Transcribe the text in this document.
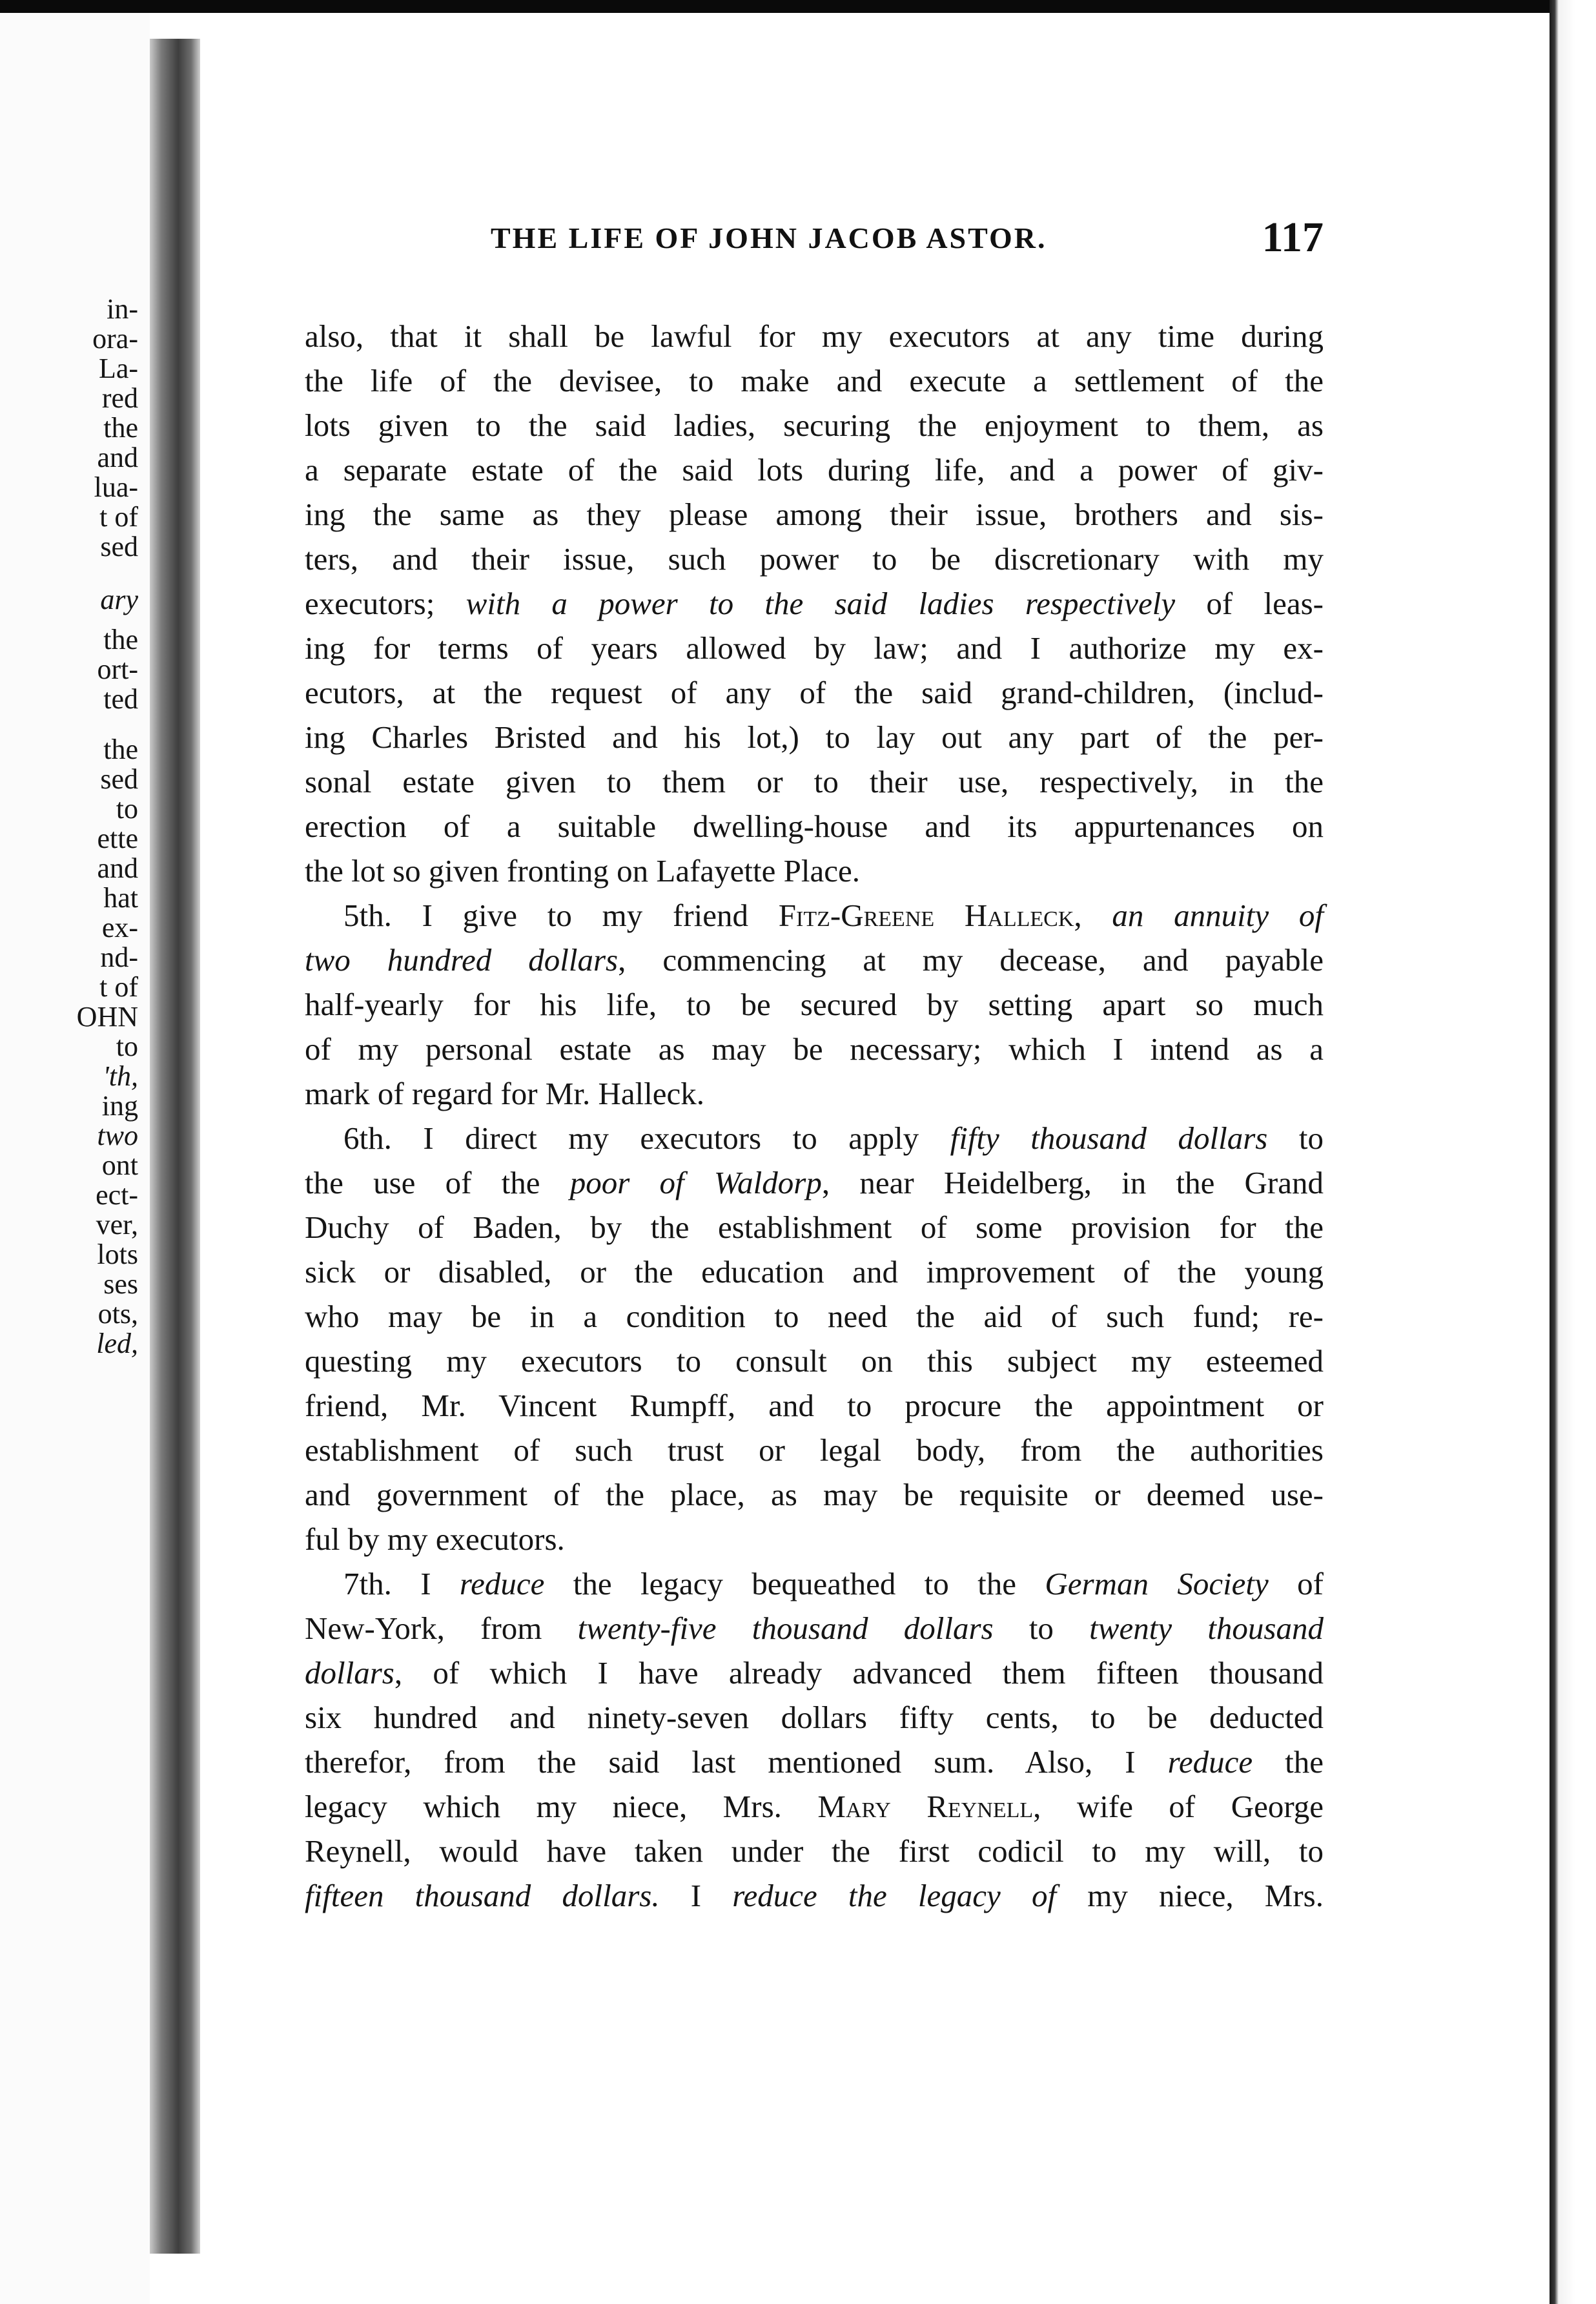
in-
ora-
La-
red
the
and
lua-
t of
sed
ary
the
ort-
ted
the
sed
to
ette
and
hat
ex-
nd-
t of
OHN
to
'th,
ing
two
ont
ect-
ver,
lots
ses
ots,
led,
THE LIFE OF JOHN JACOB ASTOR.	117
also, that it shall be lawful for my executors at any time during
the life of the devisee, to make and execute a settlement of the
lots given to the said ladies, securing the enjoyment to them, as
a separate estate of the said lots during life, and a power of giv-
ing the same as they please among their issue, brothers and sis-
ters, and their issue, such power to be discretionary with my
executors; with a power to the said ladies respectively of leas-
ing for terms of years allowed by law; and I authorize my ex-
ecutors, at the request of any of the said grand-children, (includ-
ing Charles Bristed and his lot,) to lay out any part of the per-
sonal estate given to them or to their use, respectively, in the
erection of a suitable dwelling-house and its appurtenances on
the lot so given fronting on Lafayette Place.
5th. I give to my friend Fitz-Greene Halleck, an annuity of
two hundred dollars, commencing at my decease, and payable
half-yearly for his life, to be secured by setting apart so much
of my personal estate as may be necessary; which I intend as a
mark of regard for Mr. Halleck.
6th. I direct my executors to apply fifty thousand dollars to
the use of the poor of Waldorp, near Heidelberg, in the Grand
Duchy of Baden, by the establishment of some provision for the
sick or disabled, or the education and improvement of the young
who may be in a condition to need the aid of such fund; re-
questing my executors to consult on this subject my esteemed
friend, Mr. Vincent Rumpff, and to procure the appointment or
establishment of such trust or legal body, from the authorities
and government of the place, as may be requisite or deemed use-
ful by my executors.
7th. I reduce the legacy bequeathed to the German Society of
New-York, from twenty-five thousand dollars to twenty thousand
dollars, of which I have already advanced them fifteen thousand
six hundred and ninety-seven dollars fifty cents, to be deducted
therefor, from the said last mentioned sum. Also, I reduce the
legacy which my niece, Mrs. Mary Reynell, wife of George
Reynell, would have taken under the first codicil to my will, to
fifteen thousand dollars. I reduce the legacy of my niece, Mrs.
